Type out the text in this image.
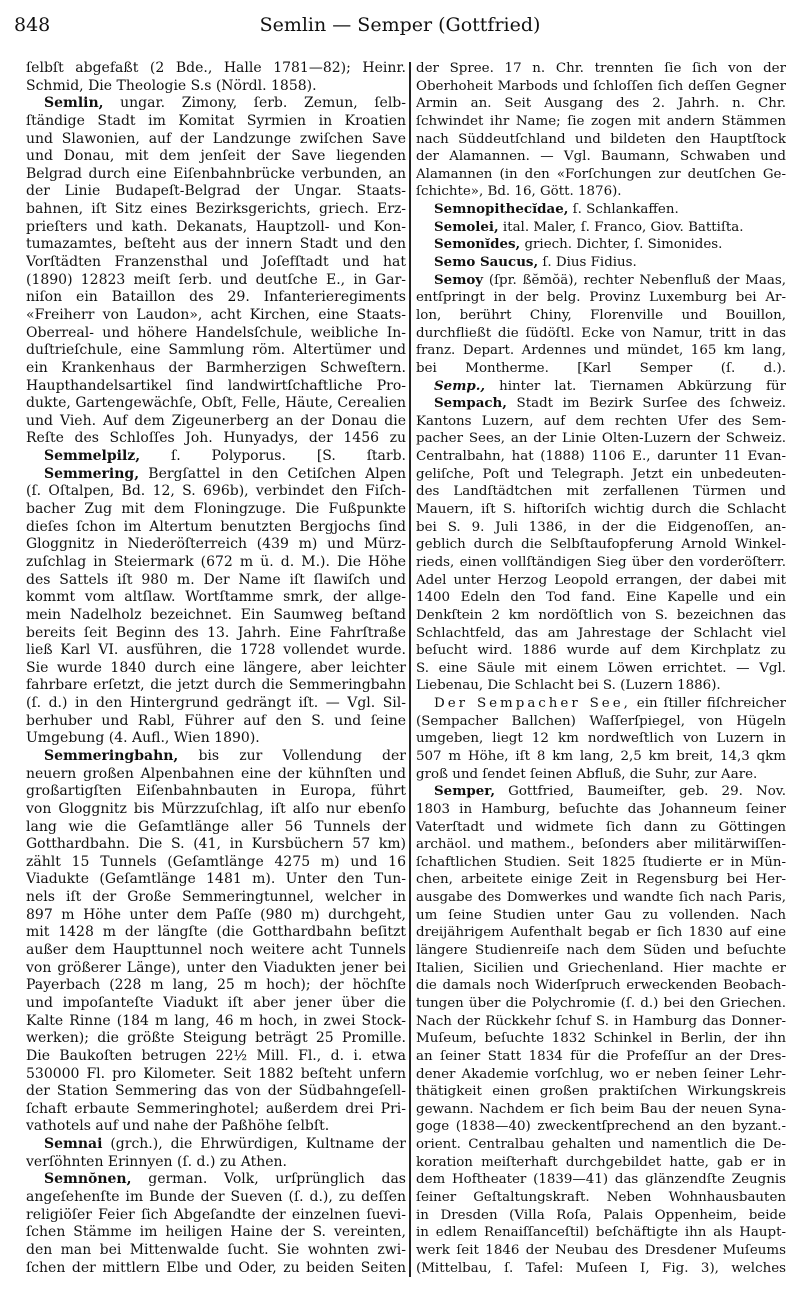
848	Semlin — Semper (Gottfried)
ſelbſt abgefaßt (2 Bde., Halle 1781—82); Heinr.
Schmid, Die Theologie S.s (Nördl. 1858).
Semlin, ungar. Zimony, ſerb. Zemun, ſelb-
ſtändige Stadt im Komitat Syrmien in Kroatien
und Slawonien, auf der Landzunge zwiſchen Save
und Donau, mit dem jenſeit der Save liegenden
Belgrad durch eine Eiſenbahnbrücke verbunden, an
der Linie Budapeſt-Belgrad der Ungar. Staats-
bahnen, iſt Sitz eines Bezirksgerichts, griech. Erz-
prieſters und kath. Dekanats, Hauptzoll- und Kon-
tumazamtes, beſteht aus der innern Stadt und den
Vorſtädten Franzensthal und Joſefſtadt und hat
(1890) 12823 meiſt ſerb. und deutſche E., in Gar-
niſon ein Bataillon des 29. Infanterieregiments
«Freiherr von Laudon», acht Kirchen, eine Staats-
Oberreal- und höhere Handelsſchule, weibliche In-
duſtrieſchule, eine Sammlung röm. Altertümer und
ein Krankenhaus der Barmherzigen Schweſtern.
Haupthandelsartikel ſind landwirtſchaftliche Pro-
dukte, Gartengewächſe, Obſt, Felle, Häute, Cerealien
und Vieh. Auf dem Zigeunerberg an der Donau die
Reſte des Schloſſes Joh. Hunyadys, der 1456 zu
Semmelpilz, ſ. Polyporus. [S. ſtarb.
Semmering, Bergſattel in den Cetiſchen Alpen
(ſ. Oſtalpen, Bd. 12, S. 696b), verbindet den Fiſch-
bacher Zug mit dem Floningzuge. Die Fußpunkte
dieſes ſchon im Altertum benutzten Bergjochs ſind
Gloggnitz in Niederöſterreich (439 m) und Mürz-
zuſchlag in Steiermark (672 m ü. d. M.). Die Höhe
des Sattels iſt 980 m. Der Name iſt ſlawiſch und
kommt vom altſlaw. Wortſtamme smrk, der allge-
mein Nadelholz bezeichnet. Ein Saumweg beſtand
bereits ſeit Beginn des 13. Jahrh. Eine Fahrſtraße
ließ Karl VI. ausführen, die 1728 vollendet wurde.
Sie wurde 1840 durch eine längere, aber leichter
fahrbare erſetzt, die jetzt durch die Semmeringbahn
(ſ. d.) in den Hintergrund gedrängt iſt. — Vgl. Sil-
berhuber und Rabl, Führer auf den S. und ſeine
Umgebung (4. Aufl., Wien 1890).
Semmeringbahn, bis zur Vollendung der
neuern großen Alpenbahnen eine der kühnſten und
großartigſten Eiſenbahnbauten in Europa, führt
von Gloggnitz bis Mürzzuſchlag, iſt alſo nur ebenſo
lang wie die Geſamtlänge aller 56 Tunnels der
Gotthardbahn. Die S. (41, in Kursbüchern 57 km)
zählt 15 Tunnels (Geſamtlänge 4275 m) und 16
Viadukte (Geſamtlänge 1481 m). Unter den Tun-
nels iſt der Große Semmeringtunnel, welcher in
897 m Höhe unter dem Paſſe (980 m) durchgeht,
mit 1428 m der längſte (die Gotthardbahn beſitzt
außer dem Haupttunnel noch weitere acht Tunnels
von größerer Länge), unter den Viadukten jener bei
Payerbach (228 m lang, 25 m hoch); der höchſte
und impoſanteſte Viadukt iſt aber jener über die
Kalte Rinne (184 m lang, 46 m hoch, in zwei Stock-
werken); die größte Steigung beträgt 25 Promille.
Die Baukoſten betrugen 22½ Mill. Fl., d. i. etwa
530000 Fl. pro Kilometer. Seit 1882 beſteht unfern
der Station Semmering das von der Südbahngeſell-
ſchaft erbaute Semmeringhotel; außerdem drei Pri-
vathotels auf und nahe der Paßhöhe ſelbſt.
Semnai (grch.), die Ehrwürdigen, Kultname der
verſöhnten Erinnyen (ſ. d.) zu Athen.
Semnŏnen, german. Volk, urſprünglich das
angeſehenſte im Bunde der Sueven (ſ. d.), zu deſſen
religiöſer Feier ſich Abgeſandte der einzelnen ſuevi-
ſchen Stämme im heiligen Haine der S. vereinten,
den man bei Mittenwalde ſucht. Sie wohnten zwi-
ſchen der mittlern Elbe und Oder, zu beiden Seiten
der Spree. 17 n. Chr. trennten ſie ſich von der
Oberhoheit Marbods und ſchloſſen ſich deſſen Gegner
Armin an. Seit Ausgang des 2. Jahrh. n. Chr.
ſchwindet ihr Name; ſie zogen mit andern Stämmen
nach Süddeutſchland und bildeten den Hauptſtock
der Alamannen. — Vgl. Baumann, Schwaben und
Alamannen (in den «Forſchungen zur deutſchen Ge-
ſchichte», Bd. 16, Gött. 1876).
Semnopithecĭdae, ſ. Schlankaffen.
Semolei, ital. Maler, ſ. Franco, Giov. Battiſta.
Semonĭdes, griech. Dichter, ſ. Simonides.
Semo Saucus, ſ. Dius Fidius.
Semoy (ſpr. ßĕmŏä), rechter Nebenfluß der Maas,
entſpringt in der belg. Provinz Luxemburg bei Ar-
lon, berührt Chiny, Florenville und Bouillon,
durchfließt die ſüdöſtl. Ecke von Namur, tritt in das
franz. Depart. Ardennes und mündet, 165 km lang,
bei Montherme. [Karl Semper (ſ. d.).
Semp., hinter lat. Tiernamen Abkürzung für
Sempach, Stadt im Bezirk Surſee des ſchweiz.
Kantons Luzern, auf dem rechten Ufer des Sem-
pacher Sees, an der Linie Olten-Luzern der Schweiz.
Centralbahn, hat (1888) 1106 E., darunter 11 Evan-
geliſche, Poſt und Telegraph. Jetzt ein unbedeuten-
des Landſtädtchen mit zerfallenen Türmen und
Mauern, iſt S. hiſtoriſch wichtig durch die Schlacht
bei S. 9. Juli 1386, in der die Eidgenoſſen, an-
geblich durch die Selbſtaufopferung Arnold Winkel-
rieds, einen vollſtändigen Sieg über den vorderöſterr.
Adel unter Herzog Leopold errangen, der dabei mit
1400 Edeln den Tod fand. Eine Kapelle und ein
Denkſtein 2 km nordöſtlich von S. bezeichnen das
Schlachtfeld, das am Jahrestage der Schlacht viel
beſucht wird. 1886 wurde auf dem Kirchplatz zu
S. eine Säule mit einem Löwen errichtet. — Vgl.
Liebenau, Die Schlacht bei S. (Luzern 1886).
Der Sempacher See, ein ſtiller fiſchreicher
(Sempacher Ballchen) Waſſerſpiegel, von Hügeln
umgeben, liegt 12 km nordweſtlich von Luzern in
507 m Höhe, iſt 8 km lang, 2,5 km breit, 14,3 qkm
groß und ſendet ſeinen Abfluß, die Suhr, zur Aare.
Semper, Gottfried, Baumeiſter, geb. 29. Nov.
1803 in Hamburg, beſuchte das Johanneum ſeiner
Vaterſtadt und widmete ſich dann zu Göttingen
archäol. und mathem., beſonders aber militärwiſſen-
ſchaftlichen Studien. Seit 1825 ſtudierte er in Mün-
chen, arbeitete einige Zeit in Regensburg bei Her-
ausgabe des Domwerkes und wandte ſich nach Paris,
um ſeine Studien unter Gau zu vollenden. Nach
dreijährigem Aufenthalt begab er ſich 1830 auf eine
längere Studienreiſe nach dem Süden und beſuchte
Italien, Sicilien und Griechenland. Hier machte er
die damals noch Widerſpruch erweckenden Beobach-
tungen über die Polychromie (ſ. d.) bei den Griechen.
Nach der Rückkehr ſchuf S. in Hamburg das Donner-
Muſeum, beſuchte 1832 Schinkel in Berlin, der ihn
an ſeiner Statt 1834 für die Profeſſur an der Dres-
dener Akademie vorſchlug, wo er neben ſeiner Lehr-
thätigkeit einen großen praktiſchen Wirkungskreis
gewann. Nachdem er ſich beim Bau der neuen Syna-
goge (1838—40) zweckentſprechend an den byzant.-
orient. Centralbau gehalten und namentlich die De-
koration meiſterhaft durchgebildet hatte, gab er in
dem Hoftheater (1839—41) das glänzendſte Zeugnis
ſeiner Geſtaltungskraft. Neben Wohnhausbauten
in Dresden (Villa Roſa, Palais Oppenheim, beide
in edlem Renaiſſanceſtil) beſchäftigte ihn als Haupt-
werk ſeit 1846 der Neubau des Dresdener Muſeums
(Mittelbau, ſ. Tafel: Muſeen I, Fig. 3), welches
